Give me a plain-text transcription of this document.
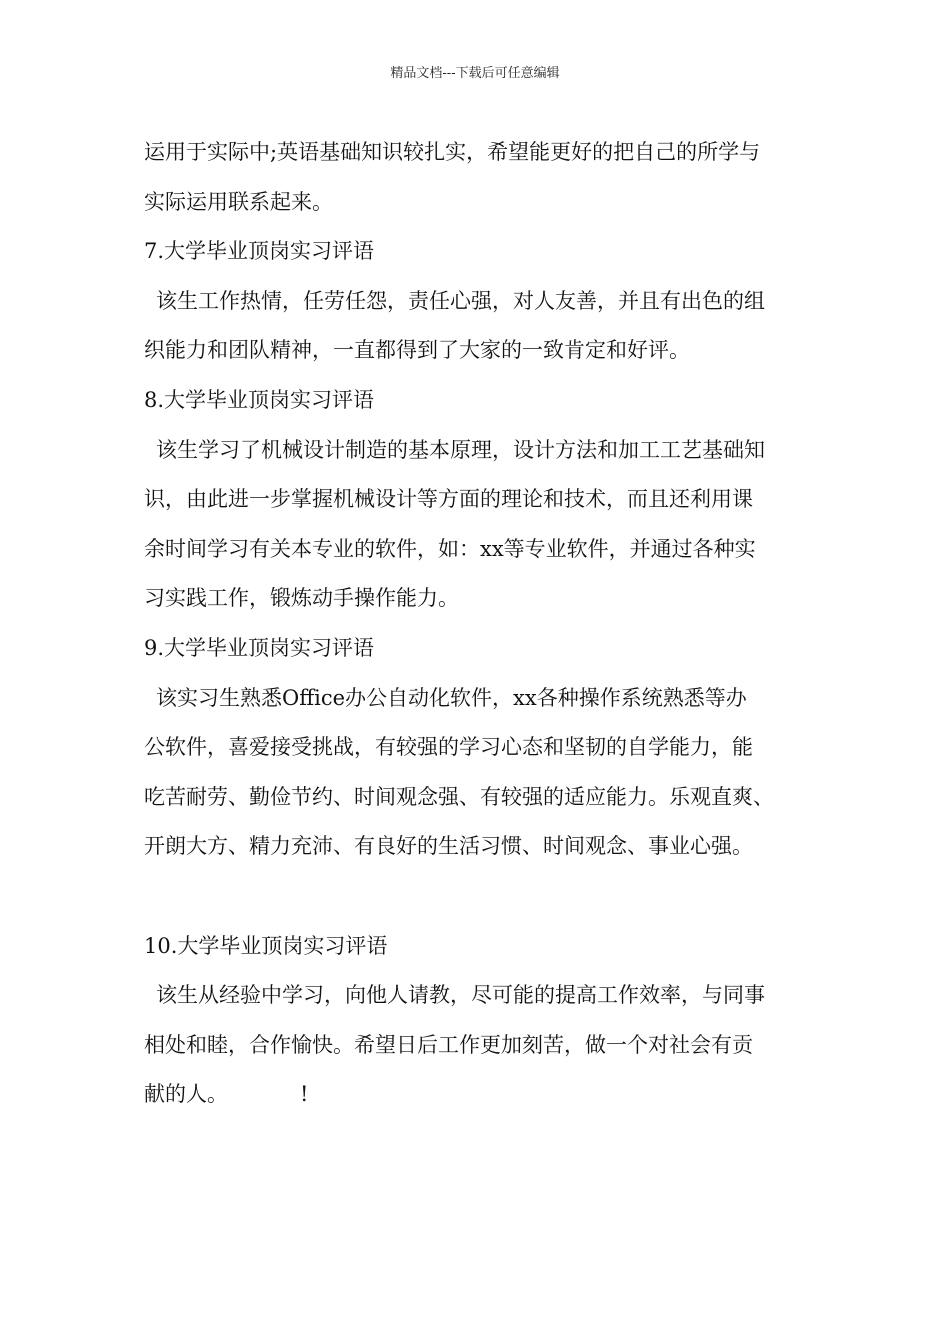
精品文档---下载后可任意编辑
运用于实际中;英语基础知识较扎实，希望能更好的把自己的所学与
实际运用联系起来。
7.大学毕业顶岗实习评语
该生工作热情，任劳任怨，责任心强，对人友善，并且有出色的组
织能力和团队精神，一直都得到了大家的一致肯定和好评。
8.大学毕业顶岗实习评语
该生学习了机械设计制造的基本原理，设计方法和加工工艺基础知
识，由此进一步掌握机械设计等方面的理论和技术，而且还利用课
余时间学习有关本专业的软件，如：xx等专业软件，并通过各种实
习实践工作，锻炼动手操作能力。
9.大学毕业顶岗实习评语
该实习生熟悉Office办公自动化软件，xx各种操作系统熟悉等办
公软件，喜爱接受挑战，有较强的学习心态和坚韧的自学能力，能
吃苦耐劳、勤俭节约、时间观念强、有较强的适应能力。乐观直爽、
开朗大方、精力充沛、有良好的生活习惯、时间观念、事业心强。
10.大学毕业顶岗实习评语
该生从经验中学习，向他人请教，尽可能的提高工作效率，与同事
相处和睦，合作愉快。希望日后工作更加刻苦，做一个对社会有贡
献的人。	!
